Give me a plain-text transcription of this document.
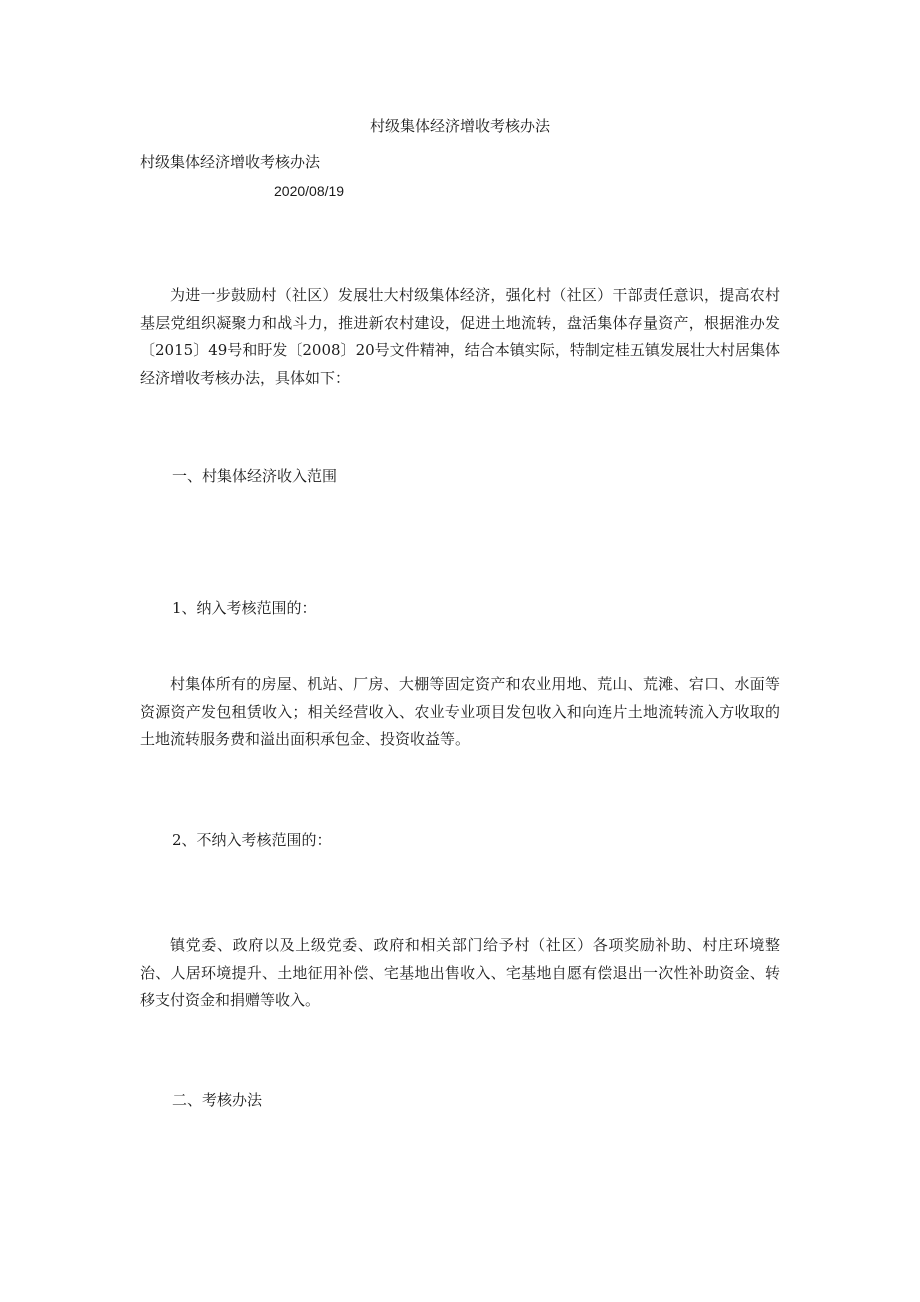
村级集体经济增收考核办法
村级集体经济增收考核办法
2020/08/19

为进一步鼓励村（社区）发展壮大村级集体经济，强化村（社区）干部责任意识，提高农村基层党组织凝聚力和战斗力，推进新农村建设，促进土地流转，盘活集体存量资产，根据淮办发〔2015〕49号和盱发〔2008〕20号文件精神，结合本镇实际，特制定桂五镇发展壮大村居集体经济增收考核办法，具体如下：

一、村集体经济收入范围

1、纳入考核范围的：

村集体所有的房屋、机站、厂房、大棚等固定资产和农业用地、荒山、荒滩、宕口、水面等资源资产发包租赁收入；相关经营收入、农业专业项目发包收入和向连片土地流转流入方收取的土地流转服务费和溢出面积承包金、投资收益等。

2、不纳入考核范围的：

镇党委、政府以及上级党委、政府和相关部门给予村（社区）各项奖励补助、村庄环境整治、人居环境提升、土地征用补偿、宅基地出售收入、宅基地自愿有偿退出一次性补助资金、转移支付资金和捐赠等收入。

二、考核办法
